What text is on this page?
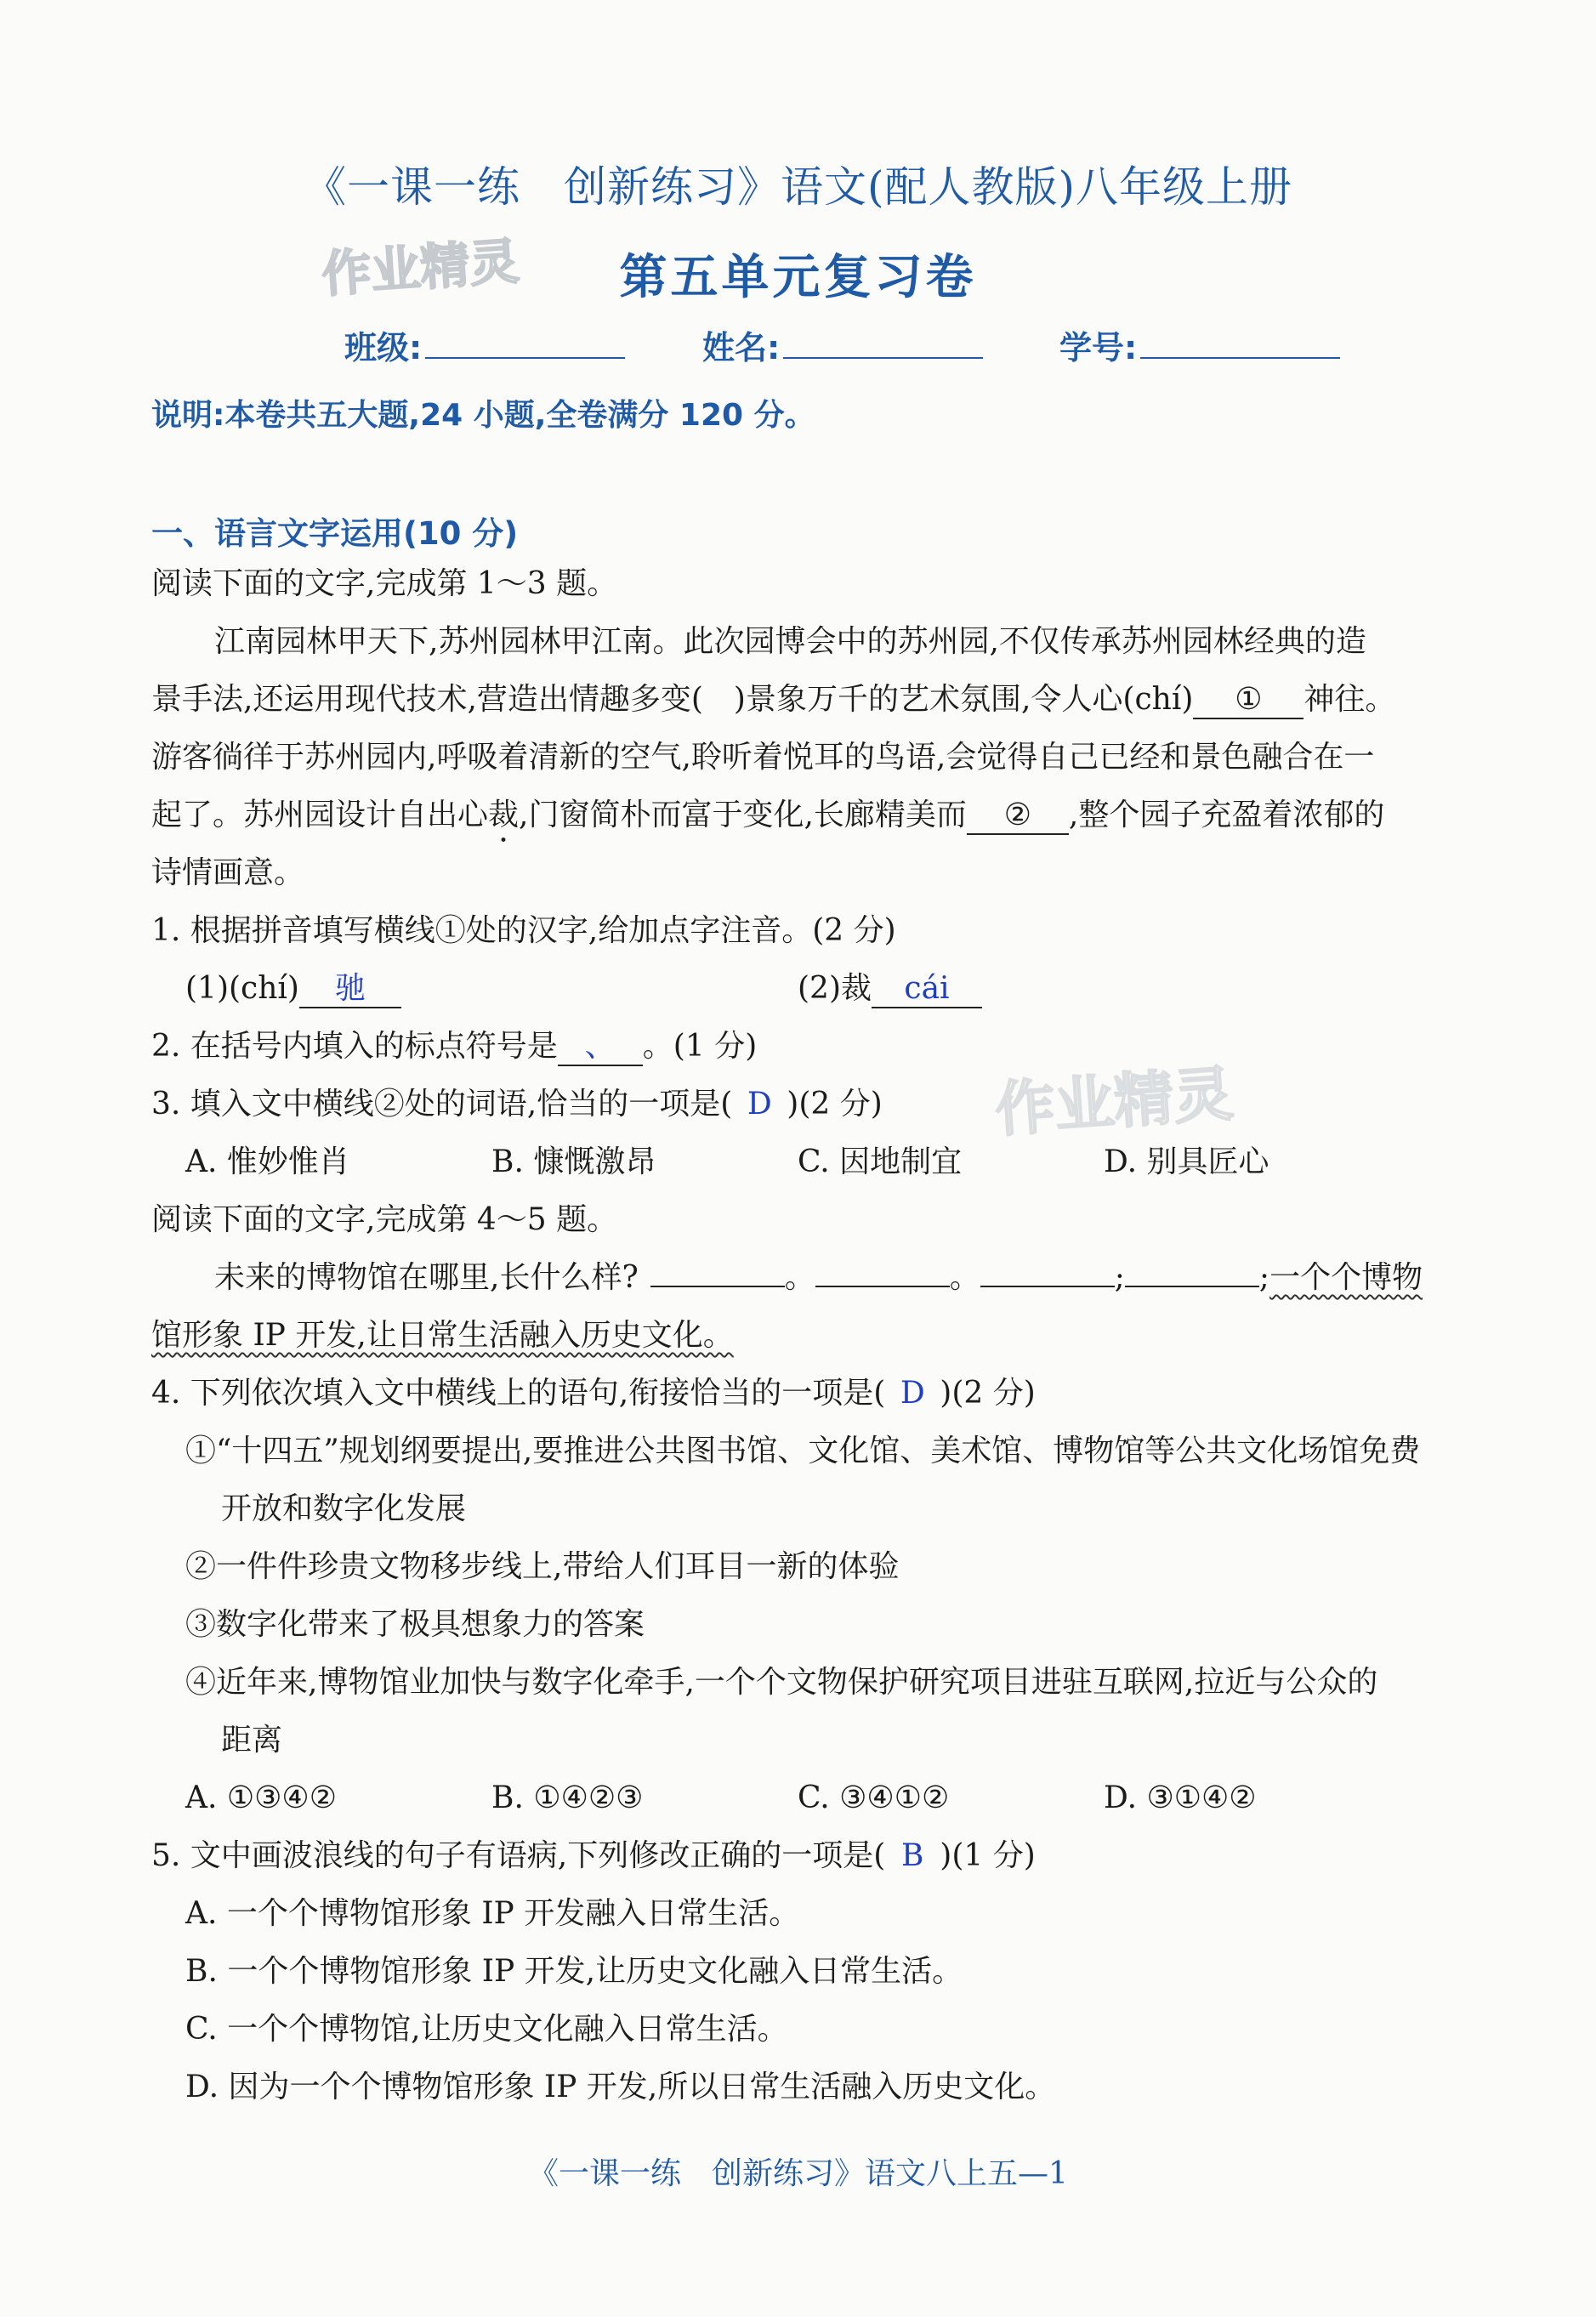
《一课一练　创新练习》语文(配人教版)八年级上册
作业精灵	第五单元复习卷
班级:	姓名:	学号:
说明:本卷共五大题,24 小题,全卷满分 120 分。
一、语言文字运用(10 分)
阅读下面的文字,完成第 1～3 题。
江南园林甲天下,苏州园林甲江南。此次园博会中的苏州园,不仅传承苏州园林经典的造
景手法,还运用现代技术,营造出情趣多变(　)景象万千的艺术氛围,令人心(chí) ① 神往。
游客徜徉于苏州园内,呼吸着清新的空气,聆听着悦耳的鸟语,会觉得自己已经和景色融合在一
起了。苏州园设计自出心裁,门窗简朴而富于变化,长廊精美而 ② ,整个园子充盈着浓郁的
诗情画意。
1. 根据拼音填写横线①处的汉字,给加点字注音。(2 分)
(1)(chí) 驰	(2)裁 cái
2. 在括号内填入的标点符号是 、 。(1 分)
3. 填入文中横线②处的词语,恰当的一项是( D )(2 分)
A. 惟妙惟肖	B. 慷慨激昂	C. 因地制宜	D. 别具匠心
作业精灵
阅读下面的文字,完成第 4～5 题。
未来的博物馆在哪里,长什么样?	。	。	;	;一个个博物
馆形象 IP 开发,让日常生活融入历史文化。
4. 下列依次填入文中横线上的语句,衔接恰当的一项是( D )(2 分)
①“十四五”规划纲要提出,要推进公共图书馆、文化馆、美术馆、博物馆等公共文化场馆免费
开放和数字化发展
②一件件珍贵文物移步线上,带给人们耳目一新的体验
③数字化带来了极具想象力的答案
④近年来,博物馆业加快与数字化牵手,一个个文物保护研究项目进驻互联网,拉近与公众的
距离
A. ①③④②	B. ①④②③	C. ③④①②	D. ③①④②
5. 文中画波浪线的句子有语病,下列修改正确的一项是( B )(1 分)
A. 一个个博物馆形象 IP 开发融入日常生活。
B. 一个个博物馆形象 IP 开发,让历史文化融入日常生活。
C. 一个个博物馆,让历史文化融入日常生活。
D. 因为一个个博物馆形象 IP 开发,所以日常生活融入历史文化。
《一课一练　创新练习》语文八上五—1
